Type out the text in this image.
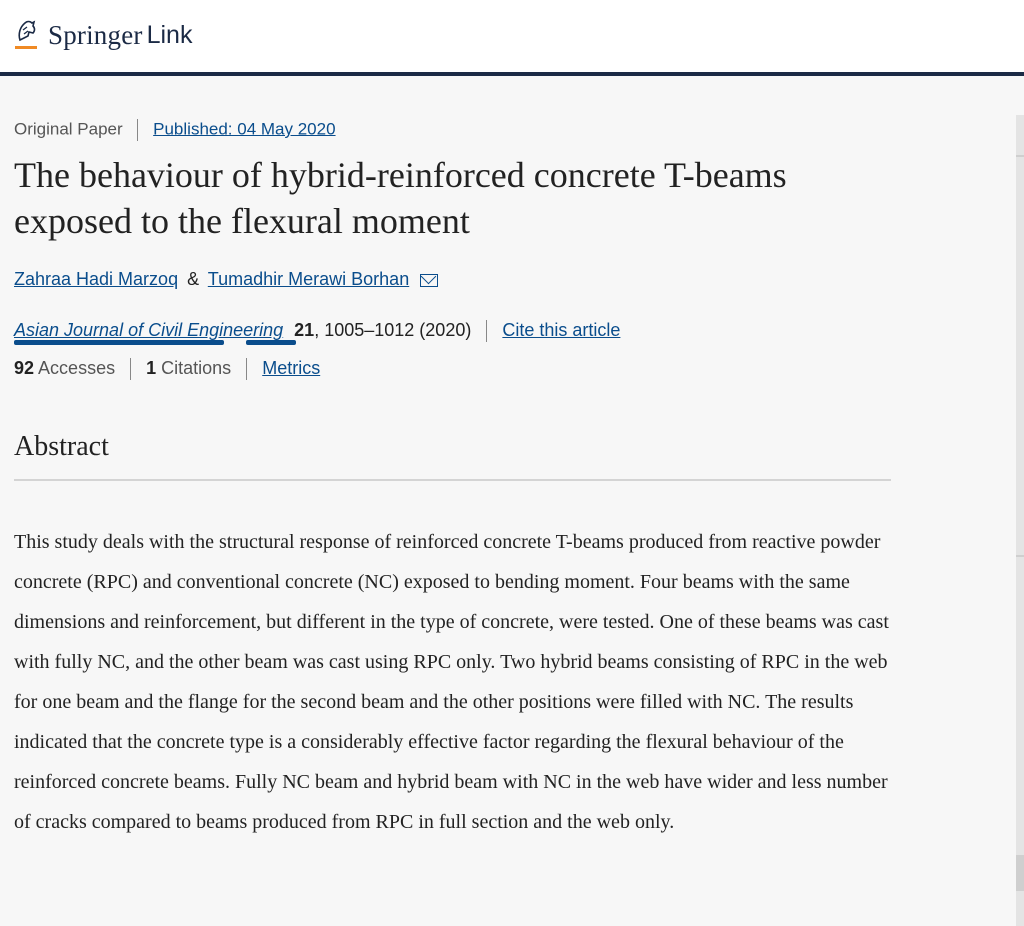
Springer Link
Original Paper Published: 04 May 2020
The behaviour of hybrid-reinforced concrete T-beams exposed to the flexural moment
Zahraa Hadi Marzoq & Tumadhir Merawi Borhan
Asian Journal of Civil Engineering 21, 1005–1012 (2020) Cite this article
92 Accesses 1 Citations Metrics
Abstract

This study deals with the structural response of reinforced concrete T-beams produced from reactive powder concrete (RPC) and conventional concrete (NC) exposed to bending moment. Four beams with the same dimensions and reinforcement, but different in the type of concrete, were tested. One of these beams was cast with fully NC, and the other beam was cast using RPC only. Two hybrid beams consisting of RPC in the web for one beam and the flange for the second beam and the other positions were filled with NC. The results indicated that the concrete type is a considerably effective factor regarding the flexural behaviour of the reinforced concrete beams. Fully NC beam and hybrid beam with NC in the web have wider and less number of cracks compared to beams produced from RPC in full section and the web only.
